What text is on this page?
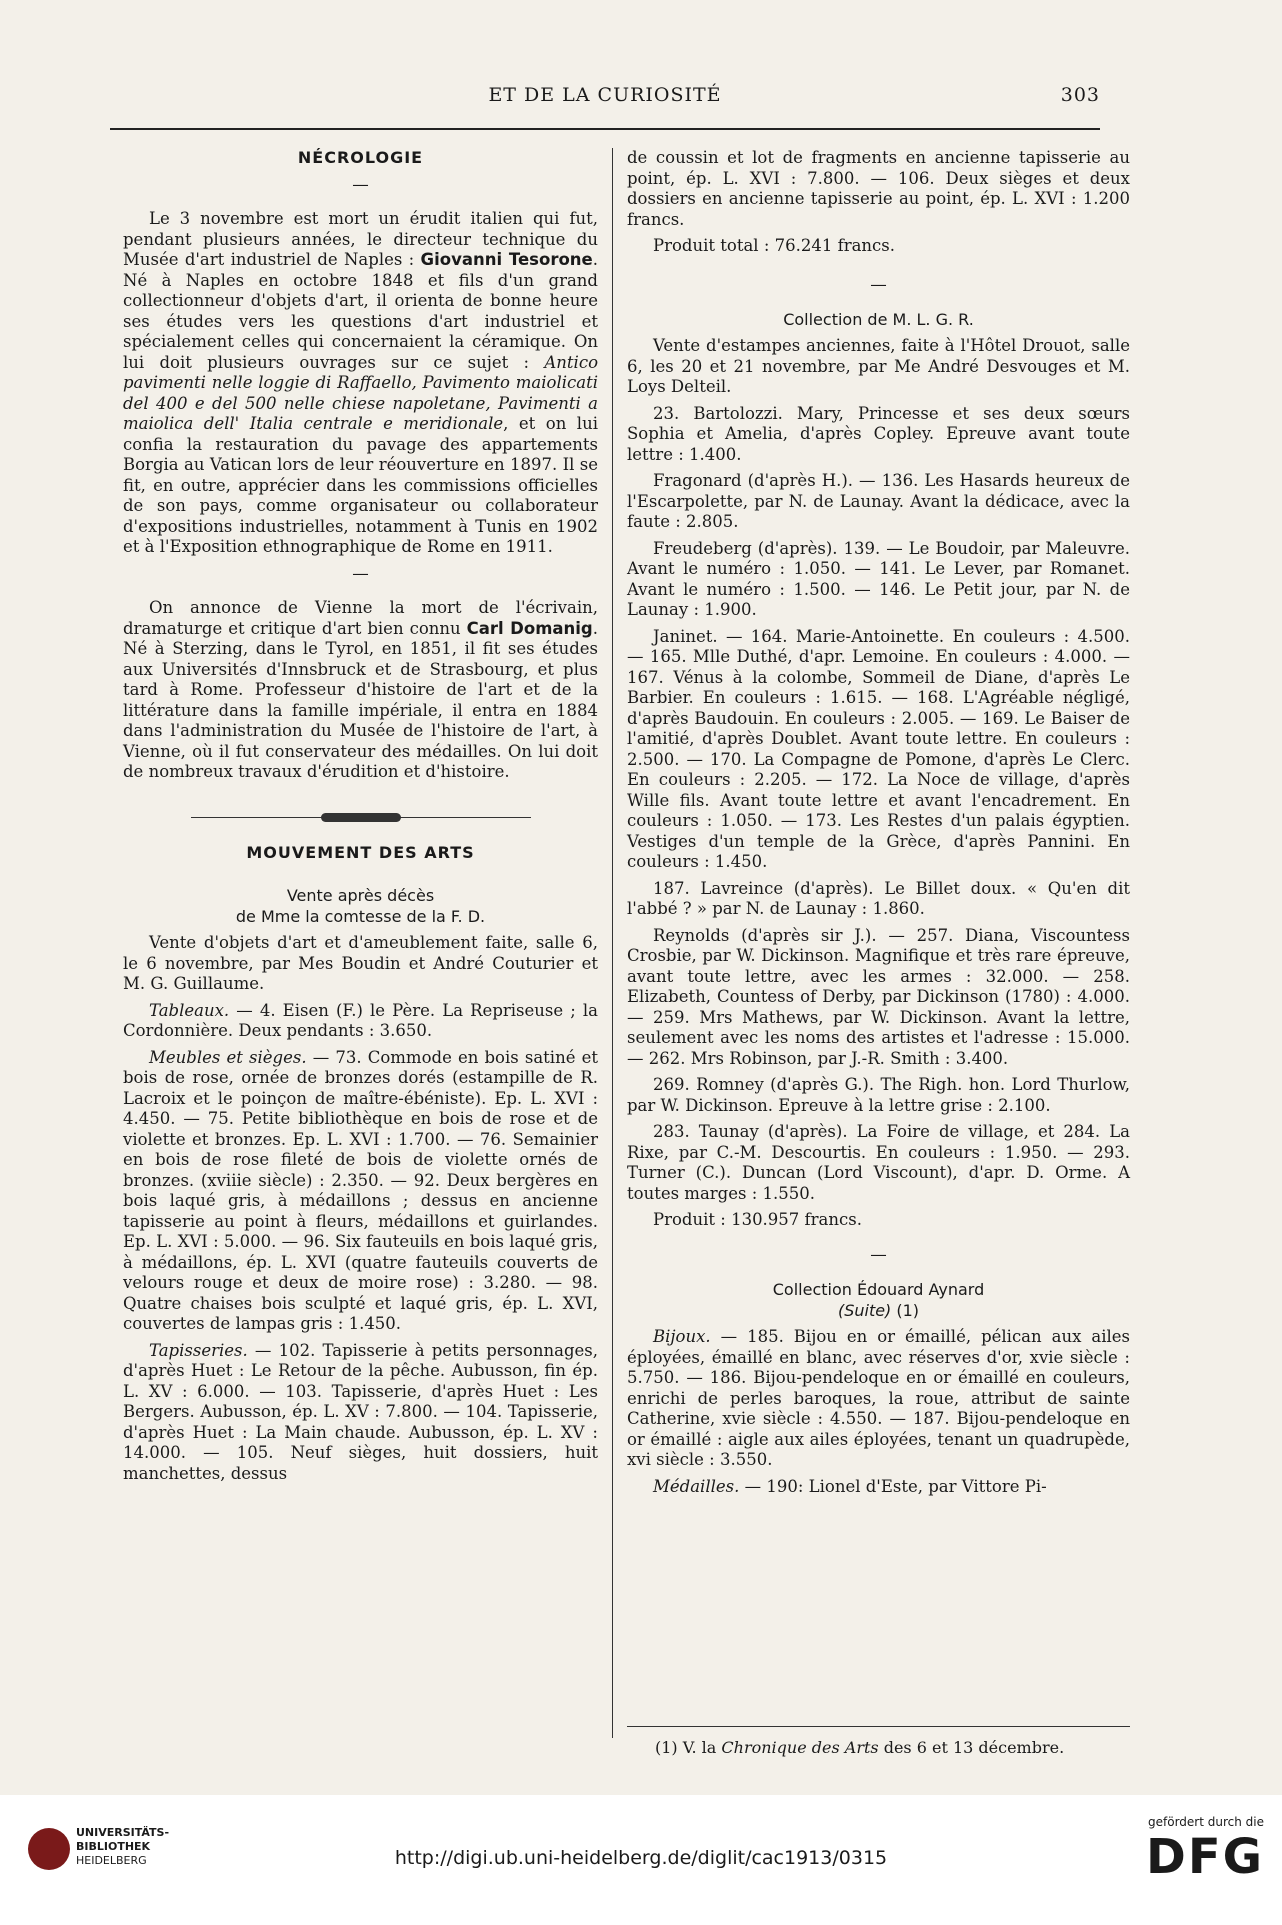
ET DE LA CURIOSITÉ	303
NÉCROLOGIE
—

Le 3 novembre est mort un érudit italien qui fut, pendant plusieurs années, le directeur technique du Musée d'art industriel de Naples : Giovanni Tesorone. Né à Naples en octobre 1848 et fils d'un grand collectionneur d'objets d'art, il orienta de bonne heure ses études vers les questions d'art industriel et spécialement celles qui concernaient la céramique. On lui doit plusieurs ouvrages sur ce sujet : Antico pavimenti nelle loggie di Raffaello, Pavimento maiolicati del 400 e del 500 nelle chiese napoletane, Pavimenti a maiolica dell' Italia centrale e meridionale, et on lui confia la restauration du pavage des appartements Borgia au Vatican lors de leur réouverture en 1897. Il se fit, en outre, apprécier dans les commissions officielles de son pays, comme organisateur ou collaborateur d'expositions industrielles, notamment à Tunis en 1902 et à l'Exposition ethnographique de Rome en 1911.

—

On annonce de Vienne la mort de l'écrivain, dramaturge et critique d'art bien connu Carl Domanig. Né à Sterzing, dans le Tyrol, en 1851, il fit ses études aux Universités d'Innsbruck et de Strasbourg, et plus tard à Rome. Professeur d'histoire de l'art et de la littérature dans la famille impériale, il entra en 1884 dans l'administration du Musée de l'histoire de l'art, à Vienne, où il fut conservateur des médailles. On lui doit de nombreux travaux d'érudition et d'histoire.

MOUVEMENT DES ARTS
Vente après décès
de Mme la comtesse de la F. D.

Vente d'objets d'art et d'ameublement faite, salle 6, le 6 novembre, par Mes Boudin et André Couturier et M. G. Guillaume.

Tableaux. — 4. Eisen (F.) le Père. La Repriseuse ; la Cordonnière. Deux pendants : 3.650.

Meubles et sièges. — 73. Commode en bois satiné et bois de rose, ornée de bronzes dorés (estampille de R. Lacroix et le poinçon de maître-ébéniste). Ep. L. XVI : 4.450. — 75. Petite bibliothèque en bois de rose et de violette et bronzes. Ep. L. XVI : 1.700. — 76. Semainier en bois de rose fileté de bois de violette ornés de bronzes. (xviiie siècle) : 2.350. — 92. Deux bergères en bois laqué gris, à médaillons ; dessus en ancienne tapisserie au point à fleurs, médaillons et guirlandes. Ep. L. XVI : 5.000. — 96. Six fauteuils en bois laqué gris, à médaillons, ép. L. XVI (quatre fauteuils couverts de velours rouge et deux de moire rose) : 3.280. — 98. Quatre chaises bois sculpté et laqué gris, ép. L. XVI, couvertes de lampas gris : 1.450.

Tapisseries. — 102. Tapisserie à petits personnages, d'après Huet : Le Retour de la pêche. Aubusson, fin ép. L. XV : 6.000. — 103. Tapisserie, d'après Huet : Les Bergers. Aubusson, ép. L. XV : 7.800. — 104. Tapisserie, d'après Huet : La Main chaude. Aubusson, ép. L. XV : 14.000. — 105. Neuf sièges, huit dossiers, huit manchettes, dessus

de coussin et lot de fragments en ancienne tapisserie au point, ép. L. XVI : 7.800. — 106. Deux sièges et deux dossiers en ancienne tapisserie au point, ép. L. XVI : 1.200 francs.

Produit total : 76.241 francs.

—
Collection de M. L. G. R.

Vente d'estampes anciennes, faite à l'Hôtel Drouot, salle 6, les 20 et 21 novembre, par Me André Desvouges et M. Loys Delteil.

23. Bartolozzi. Mary, Princesse et ses deux sœurs Sophia et Amelia, d'après Copley. Epreuve avant toute lettre : 1.400.

Fragonard (d'après H.). — 136. Les Hasards heureux de l'Escarpolette, par N. de Launay. Avant la dédicace, avec la faute : 2.805.

Freudeberg (d'après). 139. — Le Boudoir, par Maleuvre. Avant le numéro : 1.050. — 141. Le Lever, par Romanet. Avant le numéro : 1.500. — 146. Le Petit jour, par N. de Launay : 1.900.

Janinet. — 164. Marie-Antoinette. En couleurs : 4.500. — 165. Mlle Duthé, d'apr. Lemoine. En couleurs : 4.000. — 167. Vénus à la colombe, Sommeil de Diane, d'après Le Barbier. En couleurs : 1.615. — 168. L'Agréable négligé, d'après Baudouin. En couleurs : 2.005. — 169. Le Baiser de l'amitié, d'après Doublet. Avant toute lettre. En couleurs : 2.500. — 170. La Compagne de Pomone, d'après Le Clerc. En couleurs : 2.205. — 172. La Noce de village, d'après Wille fils. Avant toute lettre et avant l'encadrement. En couleurs : 1.050. — 173. Les Restes d'un palais égyptien. Vestiges d'un temple de la Grèce, d'après Pannini. En couleurs : 1.450.

187. Lavreince (d'après). Le Billet doux. « Qu'en dit l'abbé ? » par N. de Launay : 1.860.

Reynolds (d'après sir J.). — 257. Diana, Viscountess Crosbie, par W. Dickinson. Magnifique et très rare épreuve, avant toute lettre, avec les armes : 32.000. — 258. Elizabeth, Countess of Derby, par Dickinson (1780) : 4.000. — 259. Mrs Mathews, par W. Dickinson. Avant la lettre, seulement avec les noms des artistes et l'adresse : 15.000. — 262. Mrs Robinson, par J.-R. Smith : 3.400.

269. Romney (d'après G.). The Righ. hon. Lord Thurlow, par W. Dickinson. Epreuve à la lettre grise : 2.100.

283. Taunay (d'après). La Foire de village, et 284. La Rixe, par C.-M. Descourtis. En couleurs : 1.950. — 293. Turner (C.). Duncan (Lord Viscount), d'apr. D. Orme. A toutes marges : 1.550.

Produit : 130.957 francs.

—
Collection Édouard Aynard
(Suite) (1)

Bijoux. — 185. Bijou en or émaillé, pélican aux ailes éployées, émaillé en blanc, avec réserves d'or, xvie siècle : 5.750. — 186. Bijou-pendeloque en or émaillé en couleurs, enrichi de perles baroques, la roue, attribut de sainte Catherine, xvie siècle : 4.550. — 187. Bijou-pendeloque en or émaillé : aigle aux ailes éployées, tenant un quadrupède, xvi siècle : 3.550.

Médailles. — 190: Lionel d'Este, par Vittore Pi-

(1) V. la Chronique des Arts des 6 et 13 décembre.
UNIVERSITÄTS-
BIBLIOTHEK
HEIDELBERG	http://digi.ub.uni-heidelberg.de/diglit/cac1913/0315
gefördert durch die
DFG
